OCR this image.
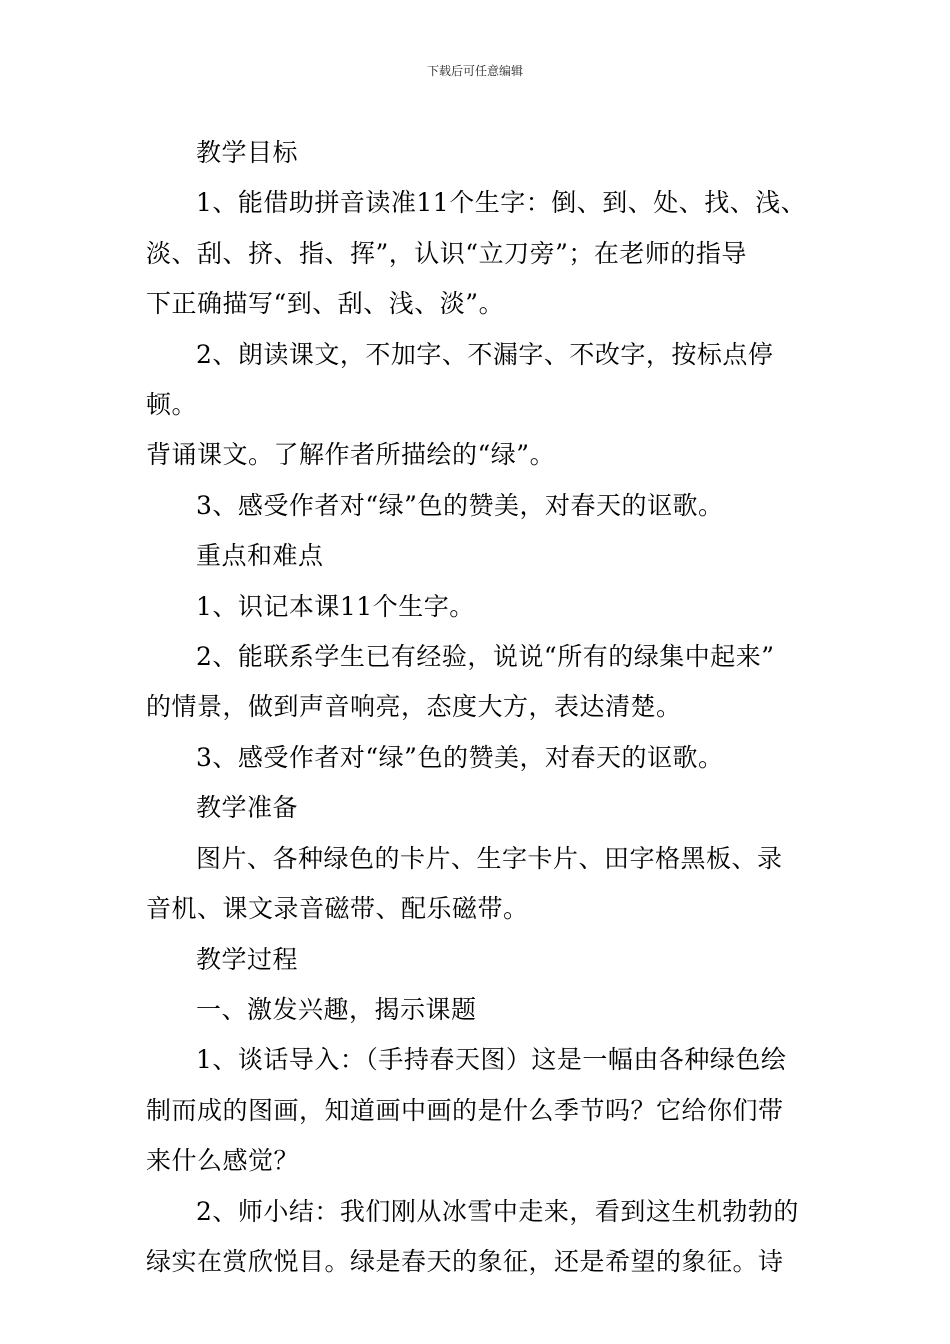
下载后可任意编辑

教学目标

1、能借助拼音读准11个生字：倒、到、处、找、浅、

淡、刮、挤、指、挥”，认识“立刀旁”；在老师的指导

下正确描写“到、刮、浅、淡”。

2、朗读课文，不加字、不漏字、不改字，按标点停顿。

背诵课文。了解作者所描绘的“绿”。

3、感受作者对“绿”色的赞美，对春天的讴歌。

重点和难点

1、识记本课11个生字。

2、能联系学生已有经验，说说“所有的绿集中起来”

的情景，做到声音响亮，态度大方，表达清楚。

3、感受作者对“绿”色的赞美，对春天的讴歌。

教学准备

图片、各种绿色的卡片、生字卡片、田字格黑板、录

音机、课文录音磁带、配乐磁带。

教学过程

一、激发兴趣，揭示课题

1、谈话导入：（手持春天图）这是一幅由各种绿色绘

制而成的图画，知道画中画的是什么季节吗？它给你们带

来什么感觉？

2、师小结：我们刚从冰雪中走来，看到这生机勃勃的

绿实在赏欣悦目。绿是春天的象征，还是希望的象征。诗
